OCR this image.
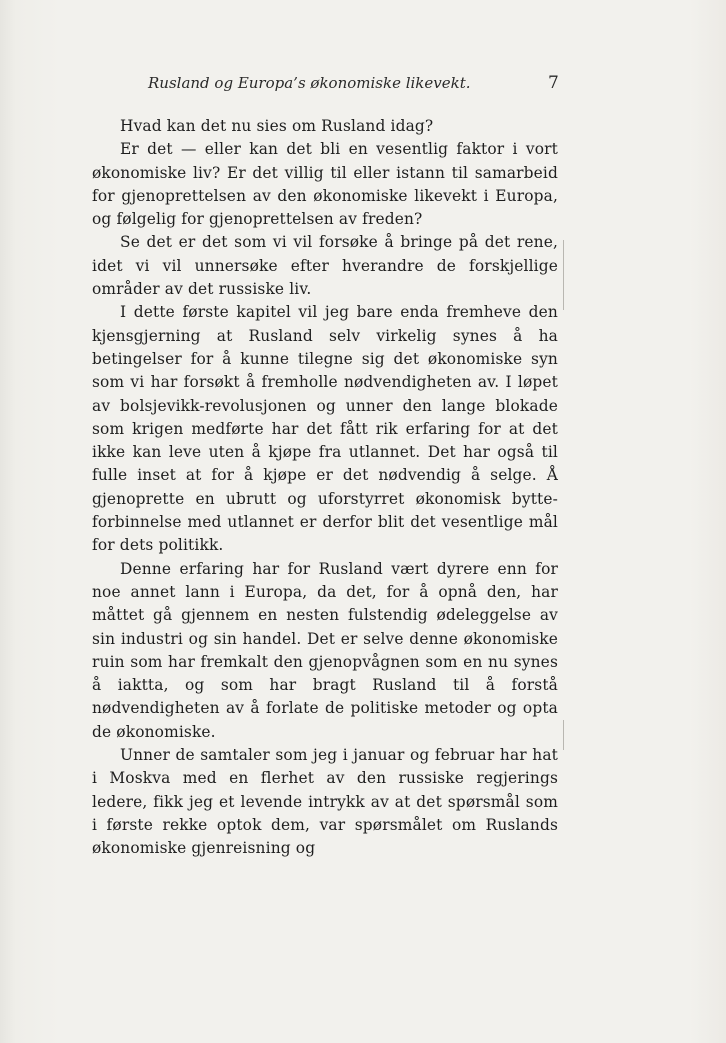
Rusland og Europa’s økonomiske likevekt.	7

Hvad kan det nu sies om Rusland idag?

Er det — eller kan det bli en vesentlig faktor i vort økonomiske liv? Er det villig til eller istann til samarbeid for gjenoprettelsen av den økonomiske likevekt i Europa, og følgelig for gjenoprettelsen av freden?

Se det er det som vi vil forsøke å bringe på det rene, idet vi vil unnersøke efter hverandre de forskjellige områder av det russiske liv.

I dette første kapitel vil jeg bare enda fremheve den kjensgjerning at Rusland selv virkelig synes å ha betingelser for å kunne tilegne sig det økonomiske syn som vi har forsøkt å fremholle nødvendigheten av. I løpet av bolsjevikk-revolusjonen og unner den lange blokade som krigen medførte har det fått rik erfaring for at det ikke kan leve uten å kjøpe fra utlannet. Det har også til fulle inset at for å kjøpe er det nødvendig å selge. Å gjenoprette en ubrutt og uforstyrret økonomisk bytte-forbinnelse med utlannet er derfor blit det vesentlige mål for dets politikk.

Denne erfaring har for Rusland vært dyrere enn for noe annet lann i Europa, da det, for å opnå den, har måttet gå gjennem en nesten fulstendig ødeleggelse av sin industri og sin handel. Det er selve denne økonomiske ruin som har fremkalt den gjenopvågnen som en nu synes å iaktta, og som har bragt Rusland til å forstå nødvendigheten av å forlate de politiske metoder og opta de økonomiske.

Unner de samtaler som jeg i januar og februar har hat i Moskva med en flerhet av den russiske regjerings ledere, fikk jeg et levende intrykk av at det spørsmål som i første rekke optok dem, var spørsmålet om Ruslands økonomiske gjenreisning og
